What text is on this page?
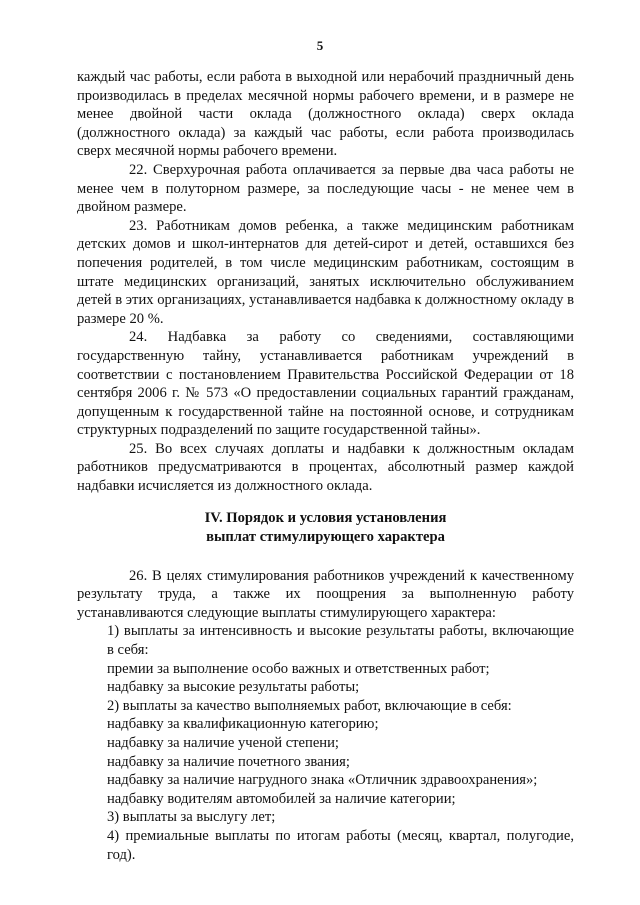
5

каждый час работы, если работа в выходной или нерабочий праздничный день производилась в пределах месячной нормы рабочего времени, и в размере не менее двойной части оклада (должностного оклада) сверх оклада (должностного оклада) за каждый час работы, если работа производилась сверх месячной нормы рабочего времени.

22. Сверхурочная работа оплачивается за первые два часа работы не менее чем в полуторном размере, за последующие часы - не менее чем в двойном размере.

23. Работникам домов ребенка, а также медицинским работникам детских домов и школ-интернатов для детей-сирот и детей, оставшихся без попечения родителей, в том числе медицинским работникам, состоящим в штате медицинских организаций, занятых исключительно обслуживанием детей в этих организациях, устанавливается надбавка к должностному окладу в размере 20 %.

24. Надбавка за работу со сведениями, составляющими государственную тайну, устанавливается работникам учреждений в соответствии с постановлением Правительства Российской Федерации от 18 сентября 2006 г. № 573 «О предоставлении социальных гарантий гражданам, допущенным к государственной тайне на постоянной основе, и сотрудникам структурных подразделений по защите государственной тайны».

25. Во всех случаях доплаты и надбавки к должностным окладам работников предусматриваются в процентах, абсолютный размер каждой надбавки исчисляется из должностного оклада.

IV. Порядок и условия установления
выплат стимулирующего характера

26. В целях стимулирования работников учреждений к качественному результату труда, а также их поощрения за выполненную работу устанавливаются следующие выплаты стимулирующего характера:

1) выплаты за интенсивность и высокие результаты работы, включающие в себя:

премии за выполнение особо важных и ответственных работ;

надбавку за высокие результаты работы;

2) выплаты за качество выполняемых работ, включающие в себя:

надбавку за квалификационную категорию;

надбавку за наличие ученой степени;

надбавку за наличие почетного звания;

надбавку за наличие нагрудного знака «Отличник здравоохранения»;

надбавку водителям автомобилей за наличие категории;

3) выплаты за выслугу лет;

4) премиальные выплаты по итогам работы (месяц, квартал, полугодие, год).
